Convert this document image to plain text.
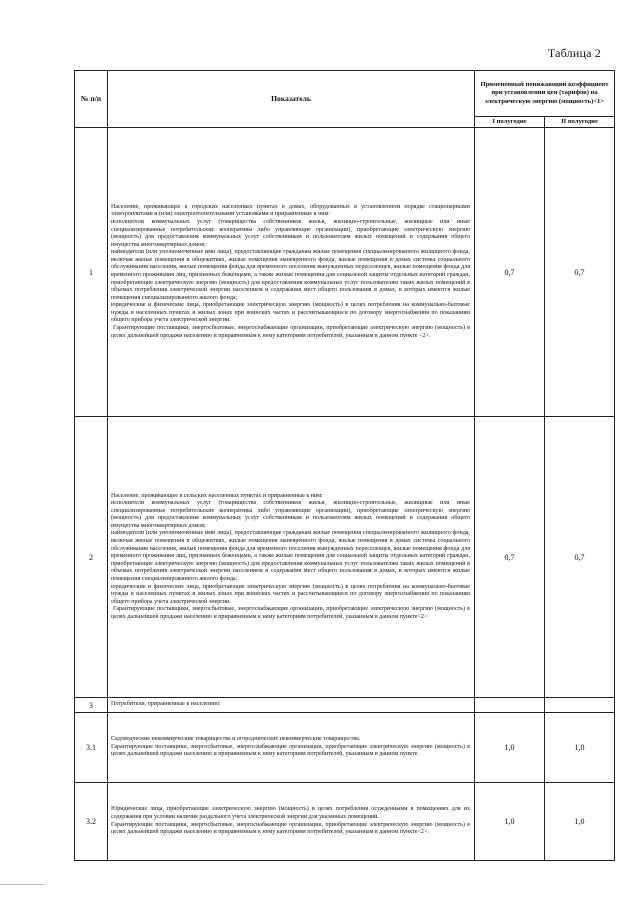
Таблица 2
№ п/п	Показатель	Примененный понижающий коэффициент при установлении цен (тарифов) на электрическую энергию (мощность)<1>	
		I полугодие	II полугодие
1	Население, проживающее в городских населенных пунктах в домах, оборудованных в установленном порядке стационарными электроплитами и (или) электроотопительными установками и приравненные к ним:

исполнители коммунальных услуг (товарищества собственников жилья, жилищно-строительные, жилищные или иные специализированные потребительские кооперативы либо управляющие организации), приобретающие электрическую энергию (мощность) для предоставления коммунальных услуг собственникам и пользователям жилых помещений и содержания общего имущества многоквартирных домов;

наймодатели (или уполномоченные ими лица), предоставляющие гражданам жилые помещения специализированного жилищного фонда, включая жилые помещения в общежитиях, жилые помещения маневренного фонда, жилые помещения в домах системы социального обслуживания населения, жилые помещения фонда для временного поселения вынужденных переселенцев, жилые помещения фонда для временного проживания лиц, признанных беженцами, а также жилые помещения для социальной защиты отдельных категорий граждан, приобретающие электрическую энергию (мощность) для предоставления коммунальных услуг пользователям таких жилых помещений в объемах потребления электрической энергии населением и содержания мест общего пользования в домах, в которых имеются жилые помещения специализированного жилого фонда;

юридические и физические лица, приобретающие электрическую энергию (мощность) в целях потребления на коммунально-бытовые нужды в населенных пунктах и жилых зонах при воинских частях и рассчитывающиеся по договору энергоснабжения по показаниям общего прибора учета электрической энергии.

Гарантирующие поставщики, энергосбытовые, энергоснабжающие организации, приобретающие электрическую энергию (мощность) в целях дальнейшей продажи населению и приравненным к нему категориям потребителей, указанным в данном пункте <2>.	0,7	0,7
2	Население, проживающее в сельских населенных пунктах и приравненные к ним:

исполнители коммунальных услуг (товарищества собственников жилья, жилищно-строительные, жилищные или иные специализированные потребительские кооперативы либо управляющие организации), приобретающие электрическую энергию (мощность) для предоставления коммунальных услуг собственникам и пользователям жилых помещений и содержания общего имущества многоквартирных домов;

наймодатели (или уполномоченные ими лица), предоставляющие гражданам жилые помещения специализированного жилищного фонда, включая жилые помещения в общежитиях, жилые помещения маневренного фонда, жилые помещения в домах системы социального обслуживания населения, жилые помещения фонда для временного поселения вынужденных переселенцев, жилые помещения фонда для временного проживания лиц, признанных беженцами, а также жилые помещения для социальной защиты отдельных категорий граждан, приобретающие электрическую энергию (мощность) для предоставления коммунальных услуг пользователям таких жилых помещений в объемах потребления электрической энергии населением и содержания мест общего пользования в домах, в которых имеются жилые помещения специализированного жилого фонда;

юридические и физические лица, приобретающие электрическую энергию (мощность) в целях потребления на коммунально-бытовые нужды в населенных пунктах и жилых зонах при воинских частях и рассчитывающиеся по договору энергоснабжения по показаниям общего прибора учета электрической энергии.

Гарантирующие поставщики, энергосбытовые, энергоснабжающие организации, приобретающие электрическую энергию (мощность) в целях дальнейшей продажи населению и приравненным к нему категориям потребителей, указанным в данном пункте<2>.	0,7	0,7
3	Потребители, приравненные к населению:		

3.1	Садоводческие некоммерческие товарищества и огороднические некоммерческие товарищества.

Гарантирующие поставщики, энергосбытовые, энергоснабжающие организации, приобретающие электрическую энергию (мощность) в целях дальнейшей продажи населению и приравненным к нему категориям потребителей, указанным в данном пункте.	1,0	1,0
3.2	Юридические лица, приобретающие электрическую энергию (мощность) в целях потребления осужденными в помещениях для их содержания при условии наличия раздельного учета электрической энергии для указанных помещений.

Гарантирующие поставщики, энергосбытовые, энергоснабжающие организации, приобретающие электрическую энергию (мощность) в целях дальнейшей продажи населению и приравненным к нему категориям потребителей, указанным в данном пункте<2>.	1,0	1,0
